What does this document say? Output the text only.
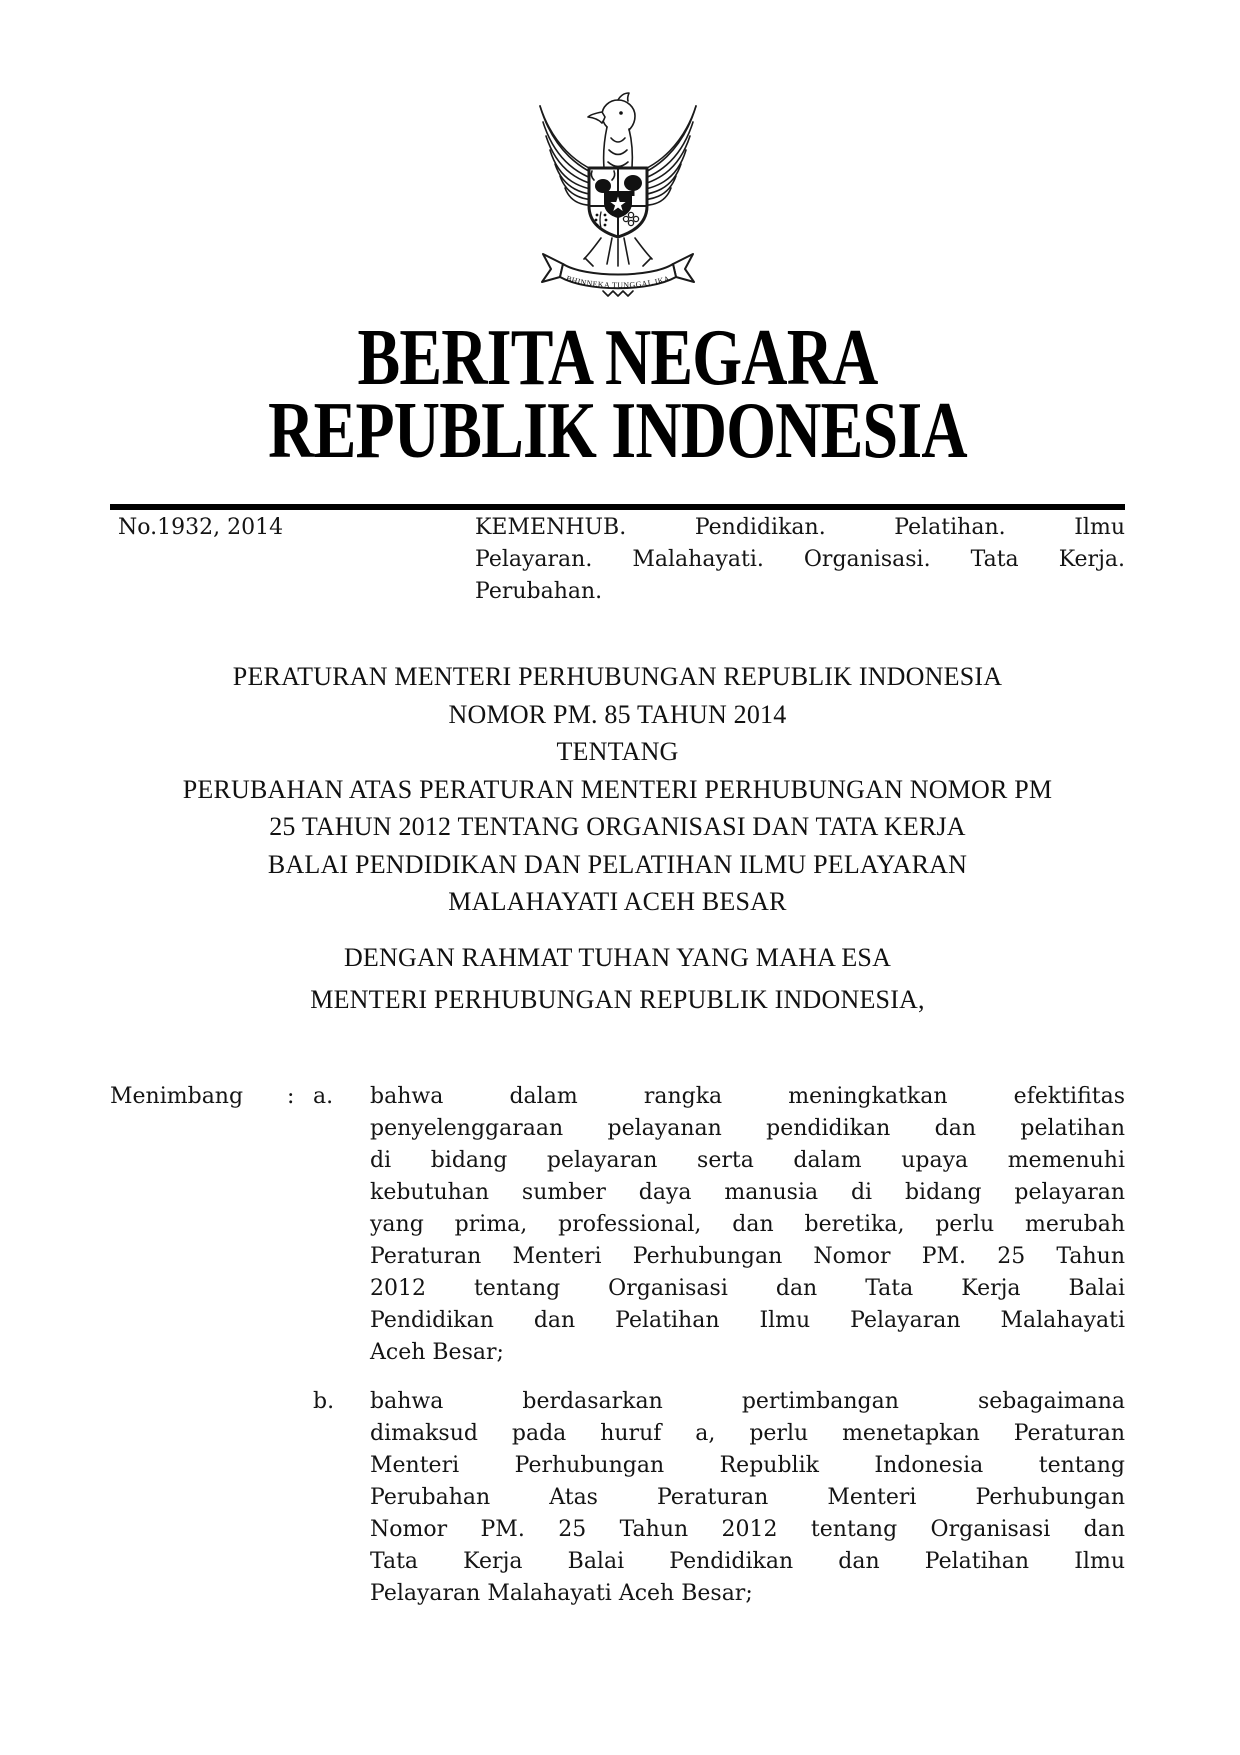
BHINNEKA TUNGGAL IKA
BERITA NEGARA
REPUBLIK INDONESIA
No.1932, 2014	KEMENHUB. Pendidikan. Pelatihan. Ilmu
Pelayaran. Malahayati. Organisasi. Tata Kerja.
Perubahan.
PERATURAN MENTERI PERHUBUNGAN REPUBLIK INDONESIA
NOMOR PM. 85 TAHUN 2014
TENTANG
PERUBAHAN ATAS PERATURAN MENTERI PERHUBUNGAN NOMOR PM
25 TAHUN 2012 TENTANG ORGANISASI DAN TATA KERJA
BALAI PENDIDIKAN DAN PELATIHAN ILMU PELAYARAN
MALAHAYATI ACEH BESAR
DENGAN RAHMAT TUHAN YANG MAHA ESA
MENTERI PERHUBUNGAN REPUBLIK INDONESIA,
Menimbang	: a.	bahwa dalam rangka meningkatkan efektifitas
penyelenggaraan pelayanan pendidikan dan pelatihan
di bidang pelayaran serta dalam upaya memenuhi
kebutuhan sumber daya manusia di bidang pelayaran
yang prima, professional, dan beretika, perlu merubah
Peraturan Menteri Perhubungan Nomor PM. 25 Tahun
2012 tentang Organisasi dan Tata Kerja Balai
Pendidikan dan Pelatihan Ilmu Pelayaran Malahayati
Aceh Besar;
b.	bahwa berdasarkan pertimbangan sebagaimana
dimaksud pada huruf a, perlu menetapkan Peraturan
Menteri Perhubungan Republik Indonesia tentang
Perubahan Atas Peraturan Menteri Perhubungan
Nomor PM. 25 Tahun 2012 tentang Organisasi dan
Tata Kerja Balai Pendidikan dan Pelatihan Ilmu
Pelayaran Malahayati Aceh Besar;
